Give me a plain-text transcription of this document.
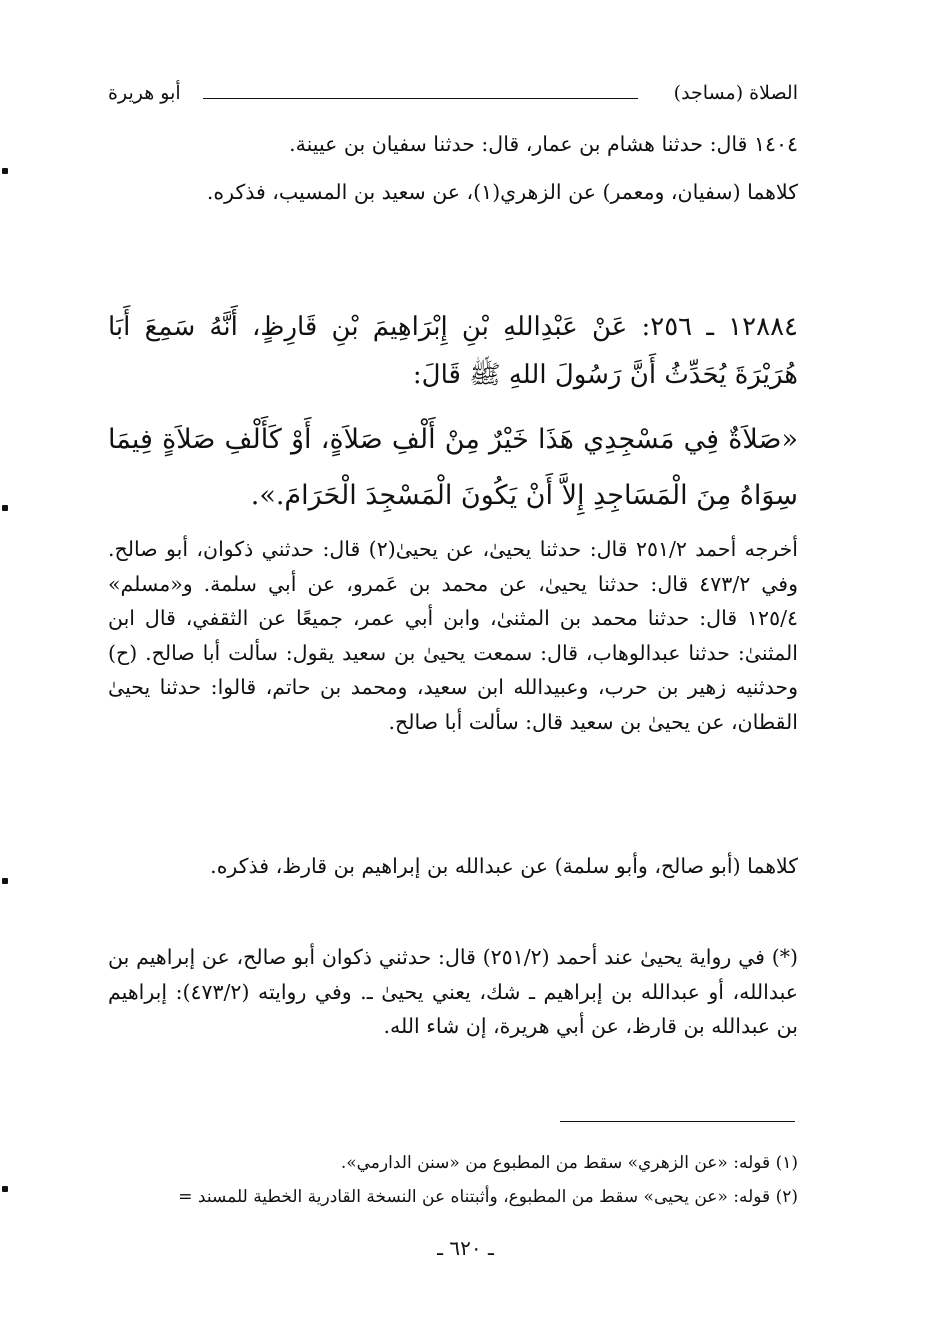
الصلاة (مساجد)
أبو هريرة
١٤٠٤ قال: حدثنا هشام بن عمار، قال: حدثنا سفيان بن عيينة.
كلاهما (سفيان، ومعمر) عن الزهري(١)، عن سعيد بن المسيب، فذكره.
١٢٨٨٤ ـ ٢٥٦: عَنْ عَبْدِاللهِ بْنِ إِبْرَاهِيمَ بْنِ قَارِظٍ، أَنَّهُ سَمِعَ أَبَا هُرَيْرَةَ يُحَدِّثُ أَنَّ رَسُولَ اللهِ ﷺ قَالَ:
«صَلاَةٌ فِي مَسْجِدِي هَذَا خَيْرٌ مِنْ أَلْفِ صَلاَةٍ، أَوْ كَأَلْفِ صَلاَةٍ فِيمَا سِوَاهُ مِنَ الْمَسَاجِدِ إِلاَّ أَنْ يَكُونَ الْمَسْجِدَ الْحَرَامَ.».
أخرجه أحمد ٢٥١/٢ قال: حدثنا يحيىٰ، عن يحيىٰ(٢) قال: حدثني ذكوان، أبو صالح. وفي ٤٧٣/٢ قال: حدثنا يحيىٰ، عن محمد بن عَمرو، عن أبي سلمة. و«مسلم» ١٢٥/٤ قال: حدثنا محمد بن المثنىٰ، وابن أبي عمر، جميعًا عن الثقفي، قال ابن المثنىٰ: حدثنا عبدالوهاب، قال: سمعت يحيىٰ بن سعيد يقول: سألت أبا صالح. (ح) وحدثنيه زهير بن حرب، وعبيدالله ابن سعيد، ومحمد بن حاتم، قالوا: حدثنا يحيىٰ القطان، عن يحيىٰ بن سعيد قال: سألت أبا صالح.
كلاهما (أبو صالح، وأبو سلمة) عن عبدالله بن إبراهيم بن قارظ، فذكره.
(*) في رواية يحيىٰ عند أحمد (٢٥١/٢) قال: حدثني ذكوان أبو صالح، عن إبراهيم بن عبدالله، أو عبدالله بن إبراهيم ـ شك، يعني يحيىٰ ـ. وفي روايته (٤٧٣/٢): إبراهيم بن عبدالله بن قارظ، عن أبي هريرة، إن شاء الله.
(١) قوله: «عن الزهري» سقط من المطبوع من «سنن الدارمي».
(٢) قوله: «عن يحيى» سقط من المطبوع، وأثبتناه عن النسخة القادرية الخطية للمسند =
ـ ٦٢٠ ـ
